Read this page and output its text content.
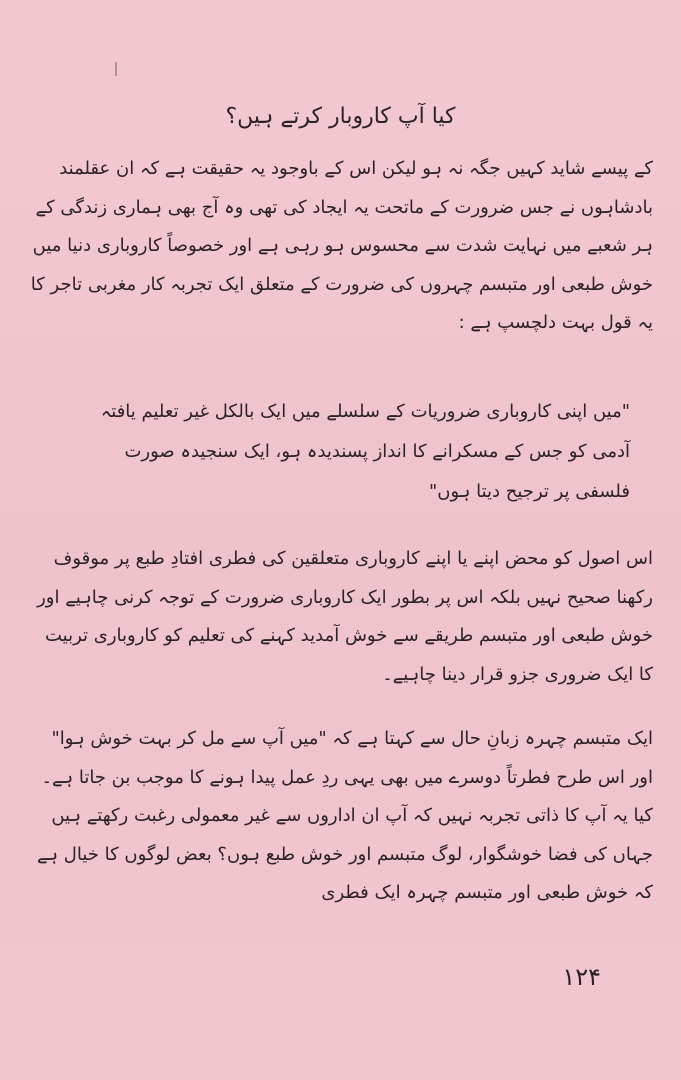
کیا آپ کاروبار کرتے ہیں؟
کے پیسے شاید کہیں جگہ نہ ہو لیکن اس کے باوجود یہ حقیقت ہے کہ ان عقلمند بادشاہوں نے جس ضرورت کے ماتحت یہ ایجاد کی تھی وہ آج بھی ہماری زندگی کے ہر شعبے میں نہایت شدت سے محسوس ہو رہی ہے اور خصوصاً کاروباری دنیا میں خوش طبعی اور متبسم چہروں کی ضرورت کے متعلق ایک تجربہ کار مغربی تاجر کا یہ قول بہت دلچسپ ہے :
"میں اپنی کاروباری ضروریات کے سلسلے میں ایک بالکل غیر تعلیم یافتہ آدمی کو جس کے مسکرانے کا انداز پسندیدہ ہو، ایک سنجیدہ صورت فلسفی پر ترجیح دیتا ہوں"
اس اصول کو محض اپنے یا اپنے کاروباری متعلقین کی فطری افتادِ طبع پر موقوف رکھنا صحیح نہیں بلکہ اس پر بطور ایک کاروباری ضرورت کے توجہ کرنی چاہیے اور خوش طبعی اور متبسم طریقے سے خوش آمدید کہنے کی تعلیم کو کاروباری تربیت کا ایک ضروری جزو قرار دینا چاہیے۔
ایک متبسم چہرہ زبانِ حال سے کہتا ہے کہ "میں آپ سے مل کر بہت خوش ہوا" اور اس طرح فطرتاً دوسرے میں بھی یہی ردِ عمل پیدا ہونے کا موجب بن جاتا ہے۔ کیا یہ آپ کا ذاتی تجربہ نہیں کہ آپ ان اداروں سے غیر معمولی رغبت رکھتے ہیں جہاں کی فضا خوشگوار، لوگ متبسم اور خوش طبع ہوں؟ بعض لوگوں کا خیال ہے کہ خوش طبعی اور متبسم چہرہ ایک فطری
۱۲۴
